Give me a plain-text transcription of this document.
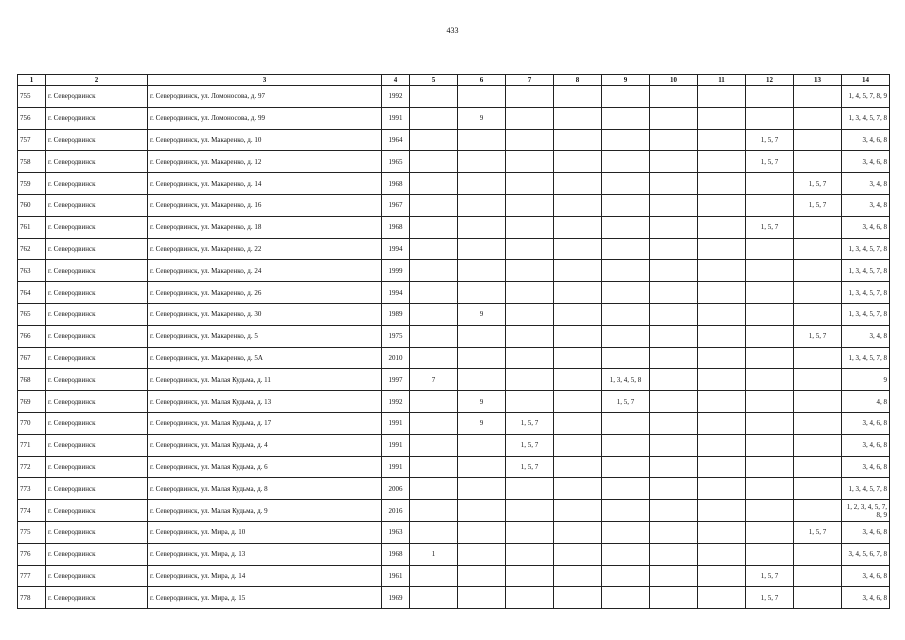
433
1	2	3	4	5	6	7	8	9	10	11	12	13	14
755	г. Северодвинск	г. Северодвинск, ул. Ломоносова, д. 97	1992										1, 4, 5, 7, 8, 9
756	г. Северодвинск	г. Северодвинск, ул. Ломоносова, д. 99	1991		9								1, 3, 4, 5, 7, 8
757	г. Северодвинск	г. Северодвинск, ул. Макаренко, д. 10	1964								1, 5, 7		3, 4, 6, 8
758	г. Северодвинск	г. Северодвинск, ул. Макаренко, д. 12	1965								1, 5, 7		3, 4, 6, 8
759	г. Северодвинск	г. Северодвинск, ул. Макаренко, д. 14	1968									1, 5, 7	3, 4, 8
760	г. Северодвинск	г. Северодвинск, ул. Макаренко, д. 16	1967									1, 5, 7	3, 4, 8
761	г. Северодвинск	г. Северодвинск, ул. Макаренко, д. 18	1968								1, 5, 7		3, 4, 6, 8
762	г. Северодвинск	г. Северодвинск, ул. Макаренко, д. 22	1994										1, 3, 4, 5, 7, 8
763	г. Северодвинск	г. Северодвинск, ул. Макаренко, д. 24	1999										1, 3, 4, 5, 7, 8
764	г. Северодвинск	г. Северодвинск, ул. Макаренко, д. 26	1994										1, 3, 4, 5, 7, 8
765	г. Северодвинск	г. Северодвинск, ул. Макаренко, д. 30	1989		9								1, 3, 4, 5, 7, 8
766	г. Северодвинск	г. Северодвинск, ул. Макаренко, д. 5	1975									1, 5, 7	3, 4, 8
767	г. Северодвинск	г. Северодвинск, ул. Макаренко, д. 5А	2010										1, 3, 4, 5, 7, 8
768	г. Северодвинск	г. Северодвинск, ул. Малая Кудьма, д. 11	1997	7				1, 3, 4, 5, 8					9
769	г. Северодвинск	г. Северодвинск, ул. Малая Кудьма, д. 13	1992		9			1, 5, 7					4, 8
770	г. Северодвинск	г. Северодвинск, ул. Малая Кудьма, д. 17	1991		9	1, 5, 7							3, 4, 6, 8
771	г. Северодвинск	г. Северодвинск, ул. Малая Кудьма, д. 4	1991			1, 5, 7							3, 4, 6, 8
772	г. Северодвинск	г. Северодвинск, ул. Малая Кудьма, д. 6	1991			1, 5, 7							3, 4, 6, 8
773	г. Северодвинск	г. Северодвинск, ул. Малая Кудьма, д. 8	2006										1, 3, 4, 5, 7, 8
774	г. Северодвинск	г. Северодвинск, ул. Малая Кудьма, д. 9	2016										1, 2, 3, 4, 5, 7, 8, 9
775	г. Северодвинск	г. Северодвинск, ул. Мира, д. 10	1963									1, 5, 7	3, 4, 6, 8
776	г. Северодвинск	г. Северодвинск, ул. Мира, д. 13	1968	1									3, 4, 5, 6, 7, 8
777	г. Северодвинск	г. Северодвинск, ул. Мира, д. 14	1961								1, 5, 7		3, 4, 6, 8
778	г. Северодвинск	г. Северодвинск, ул. Мира, д. 15	1969								1, 5, 7		3, 4, 6, 8
